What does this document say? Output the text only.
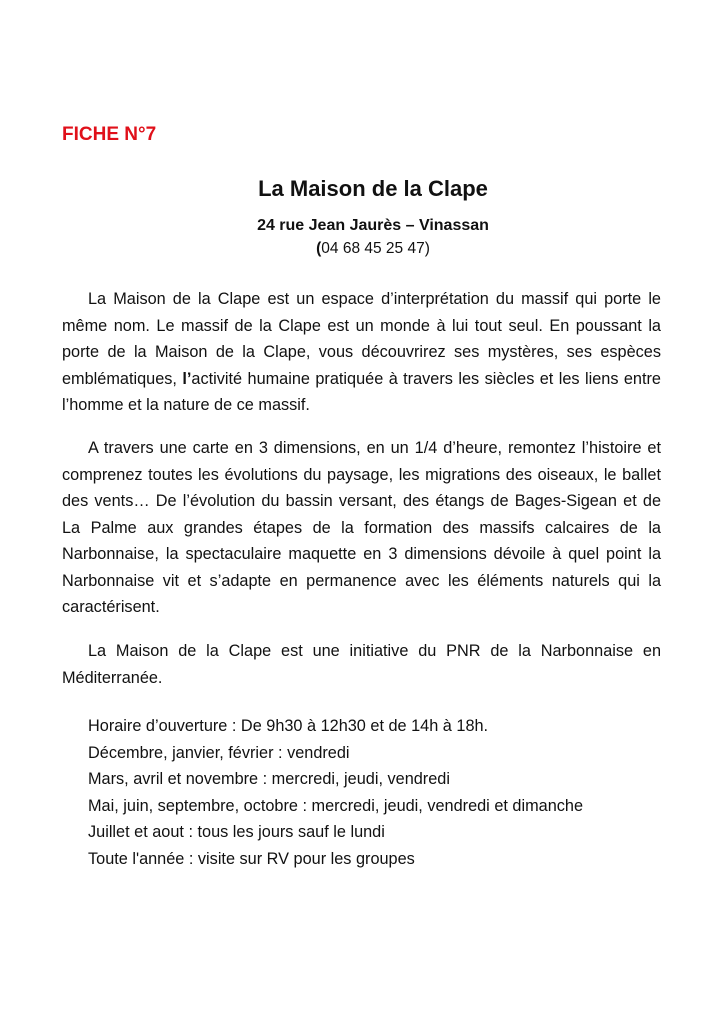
FICHE N°7

La Maison de la Clape

24 rue Jean Jaurès – Vinassan

(04 68 45 25 47)

La Maison de la Clape est un espace d’interprétation du massif qui porte le même nom. Le massif de la Clape est un monde à lui tout seul. En poussant la porte de la Maison de la Clape, vous découvrirez ses mystères, ses espèces emblématiques, l’activité humaine pratiquée à travers les siècles et les liens entre l’homme et la nature de ce massif.

A travers une carte en 3 dimensions, en un 1/4 d’heure, remontez l’histoire et comprenez toutes les évolutions du paysage, les migrations des oiseaux, le ballet des vents… De l’évolution du bassin versant, des étangs de Bages-Sigean et de La Palme aux grandes étapes de la formation des massifs calcaires de la Narbonnaise, la spectaculaire maquette en 3 dimensions dévoile à quel point la Narbonnaise vit et s’adapte en permanence avec les éléments naturels qui la caractérisent.

La Maison de la Clape est une initiative du PNR de la Narbonnaise en Méditerranée.

Horaire d’ouverture : De 9h30 à 12h30 et de 14h à 18h.
Décembre, janvier, février : vendredi
Mars, avril et novembre : mercredi, jeudi, vendredi
Mai, juin, septembre, octobre : mercredi, jeudi, vendredi et dimanche
Juillet et aout : tous les jours sauf le lundi
Toute l'année : visite sur RV pour les groupes
